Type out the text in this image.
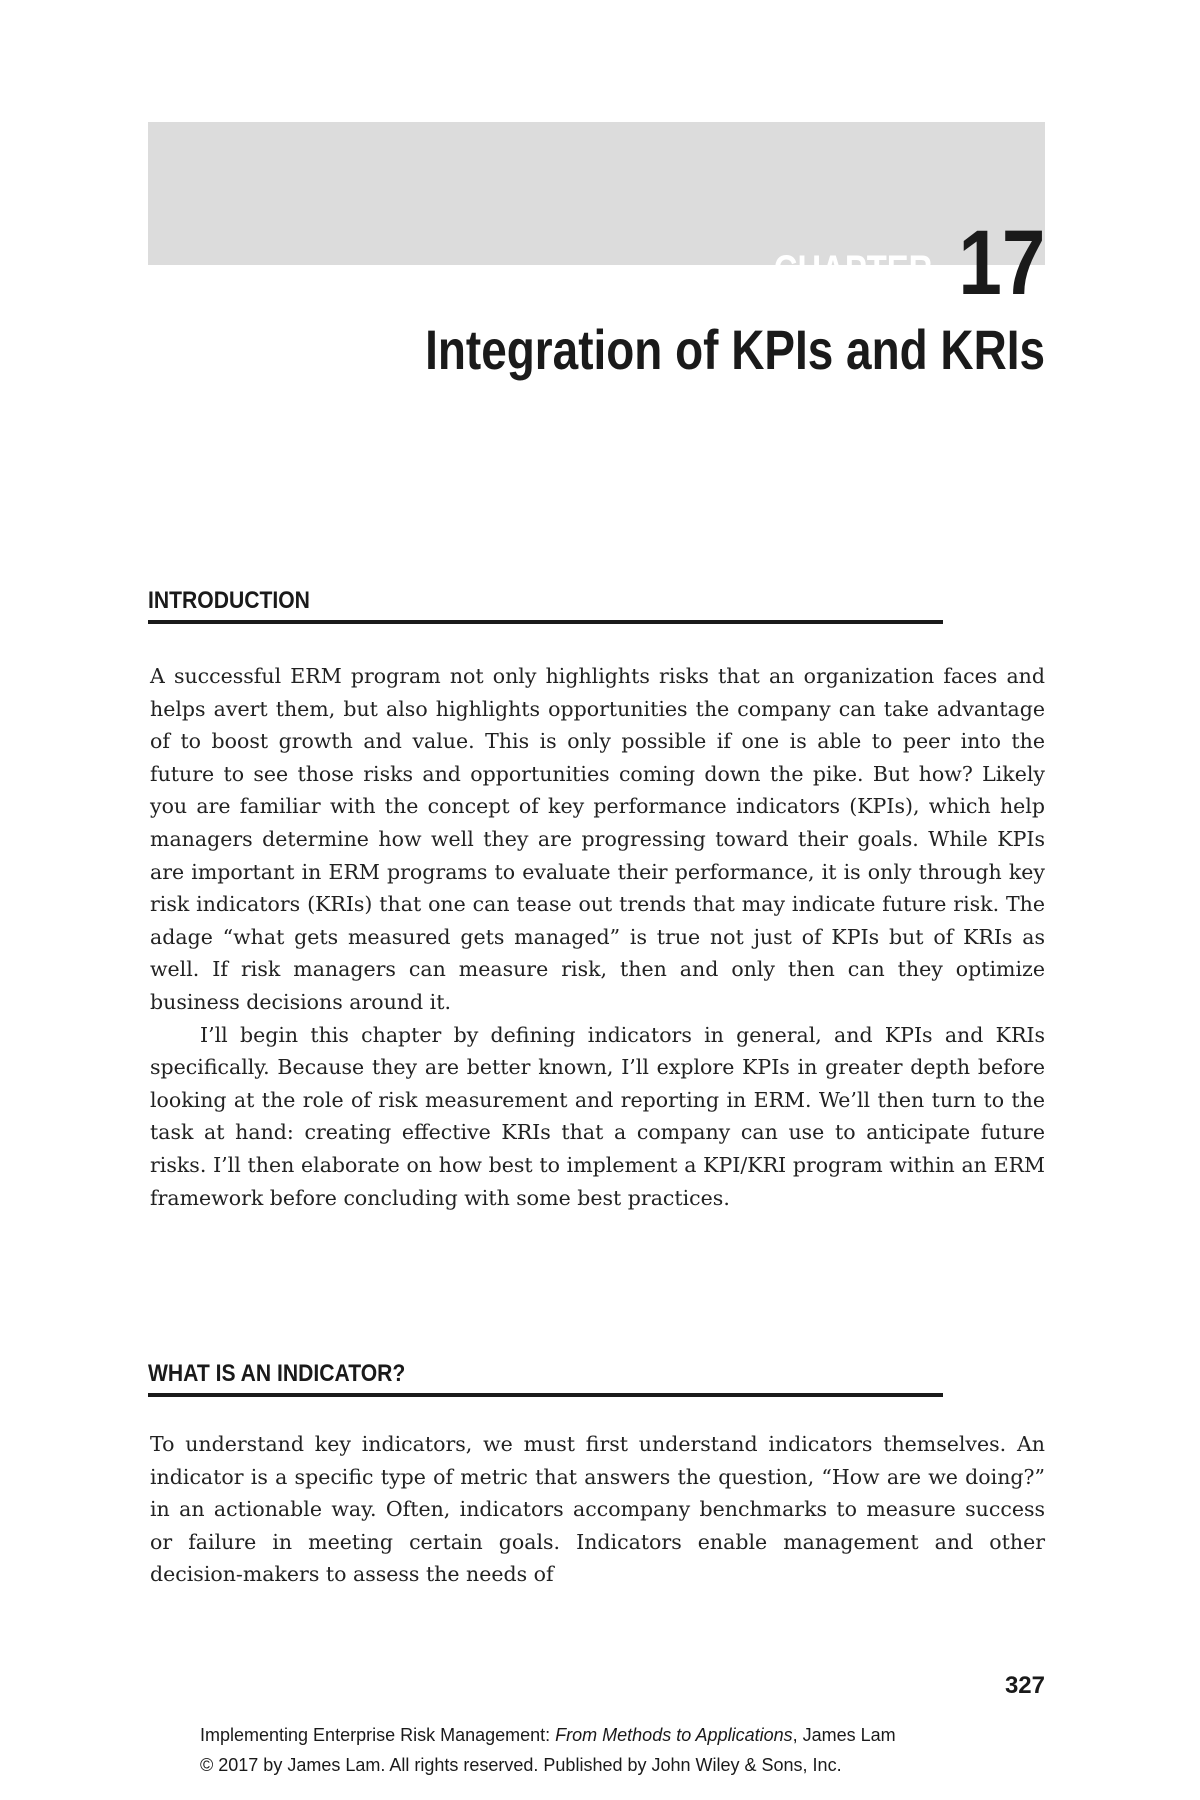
CHAPTER 17
Integration of KPIs and KRIs
INTRODUCTION

A successful ERM program not only highlights risks that an organization faces and helps avert them, but also highlights opportunities the company can take advantage of to boost growth and value. This is only possible if one is able to peer into the future to see those risks and opportunities coming down the pike. But how? Likely you are familiar with the concept of key performance indicators (KPIs), which help managers determine how well they are progressing toward their goals. While KPIs are important in ERM programs to evaluate their performance, it is only through key risk indicators (KRIs) that one can tease out trends that may indicate future risk. The adage “what gets measured gets managed” is true not just of KPIs but of KRIs as well. If risk managers can measure risk, then and only then can they optimize business decisions around it.

I’ll begin this chapter by defining indicators in general, and KPIs and KRIs specifically. Because they are better known, I’ll explore KPIs in greater depth before looking at the role of risk measurement and reporting in ERM. We’ll then turn to the task at hand: creating effective KRIs that a company can use to anticipate future risks. I’ll then elaborate on how best to implement a KPI/KRI program within an ERM framework before concluding with some best practices.

WHAT IS AN INDICATOR?

To understand key indicators, we must first understand indicators themselves. An indicator is a specific type of metric that answers the question, “How are we doing?” in an actionable way. Often, indicators accompany benchmarks to measure success or failure in meeting certain goals. Indicators enable management and other decision-makers to assess the needs of

327
Implementing Enterprise Risk Management: From Methods to Applications, James Lam
© 2017 by James Lam. All rights reserved. Published by John Wiley & Sons, Inc.
